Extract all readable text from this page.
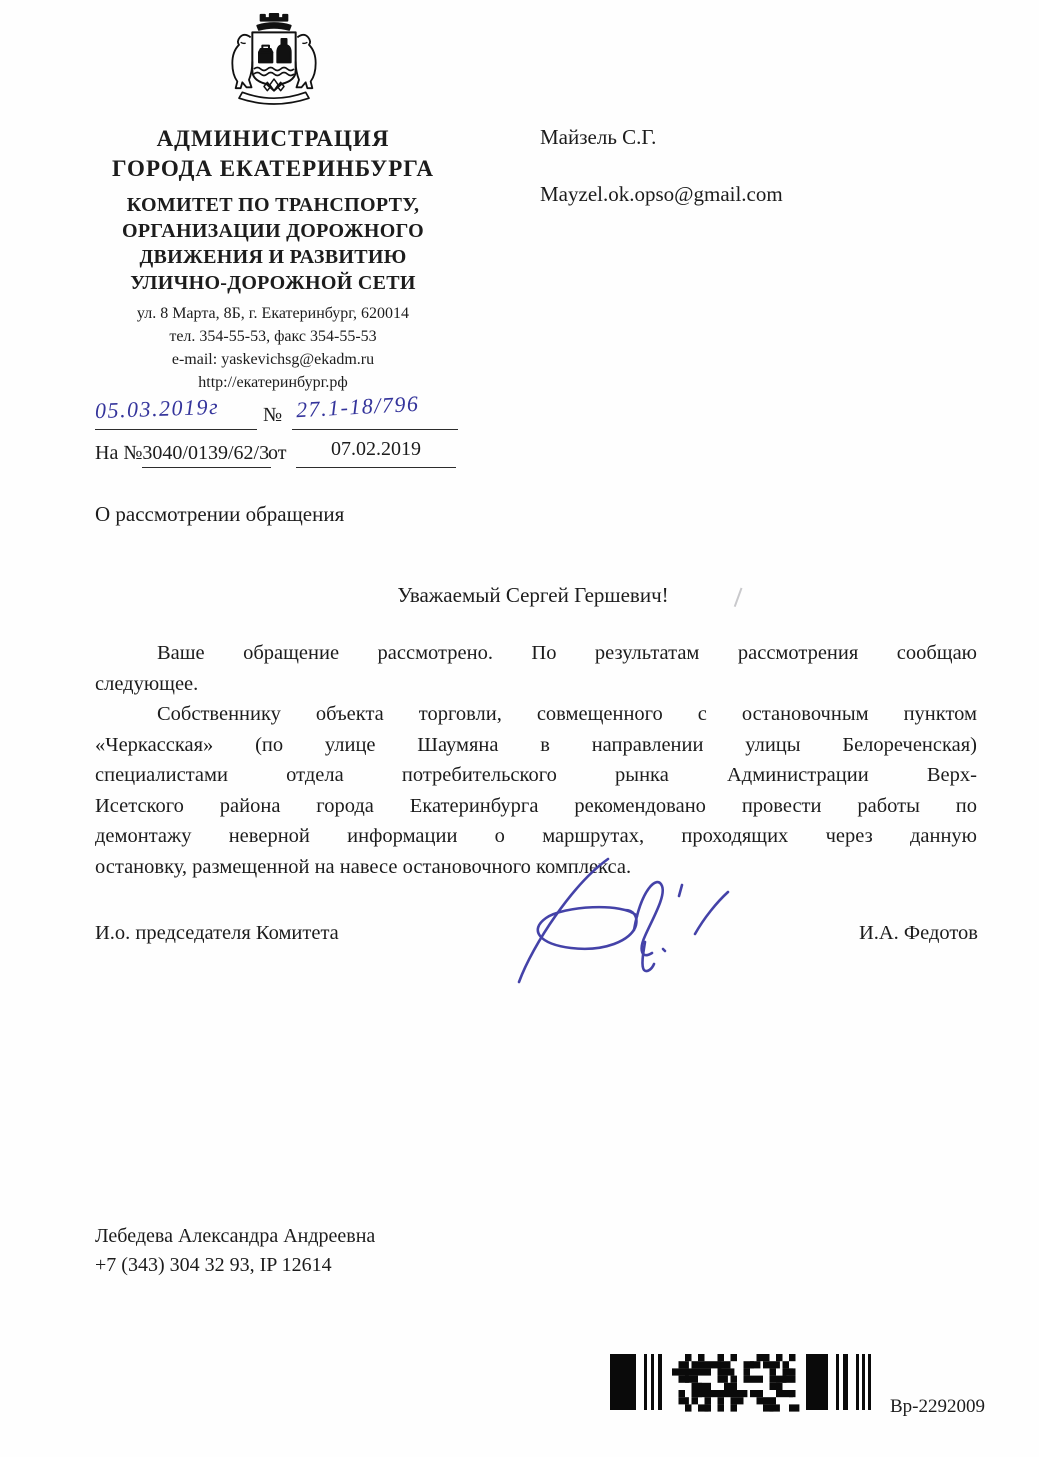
АДМИНИСТРАЦИЯ
ГОРОДА ЕКАТЕРИНБУРГА
КОМИТЕТ ПО ТРАНСПОРТУ,
ОРГАНИЗАЦИИ ДОРОЖНОГО
ДВИЖЕНИЯ И РАЗВИТИЮ
УЛИЧНО-ДОРОЖНОЙ СЕТИ
ул. 8 Марта, 8Б, г. Екатеринбург, 620014
тел. 354-55-53, факс 354-55-53
e-mail: yaskevichsg@ekadm.ru
http://екатеринбург.рф
Майзель С.Г.
Mayzel.ok.opso@gmail.com
05.03.2019г	№ 27.1-18/796
На №3040/0139/62/3
от	07.02.2019
О рассмотрении обращения
Уважаемый Сергей Гершевич!
Ваше обращение рассмотрено. По результатам рассмотрения сообщаю
следующее.
Собственнику объекта торговли, совмещенного с остановочным пунктом
«Черкасская» (по улице Шаумяна в направлении улицы Белореченская)
специалистами отдела потребительского рынка Администрации Верх-
Исетского района города Екатеринбурга рекомендовано провести работы по
демонтажу неверной информации о маршрутах, проходящих через данную
остановку, размещенной на навесе остановочного комплекса.
И.о. председателя Комитета	И.А. Федотов
Лебедева Александра Андреевна
+7 (343) 304 32 93, IP 12614
Вр-2292009
